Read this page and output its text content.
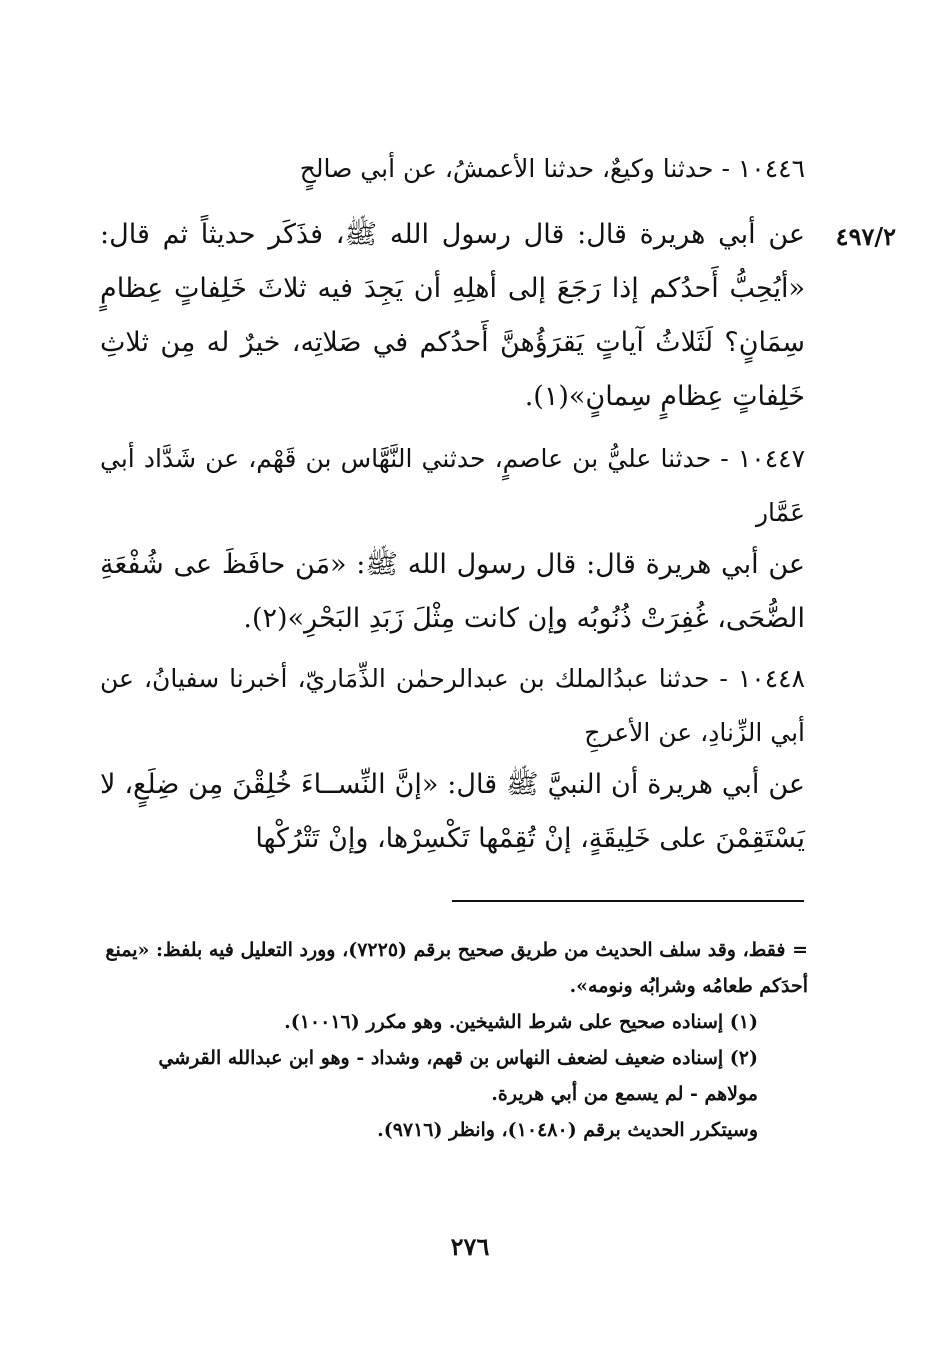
١٠٤٤٦ - حدثنا وكيعٌ، حدثنا الأعمشُ، عن أبي صالحٍ
٤٩٧/٢
عن أبي هريرة قال: قال رسول الله ﷺ، فذَكَر حديثاً ثم قال: «أيُحِبُّ أَحدُكم إذا رَجَعَ إلى أهلِهِ أن يَجِدَ فيه ثلاثَ خَلِفاتٍ عِظامٍ سِمَانٍ؟ لَثَلاثُ آياتٍ يَقرَؤُهنَّ أَحدُكم في صَلاتِه، خيرٌ له مِن ثلاثِ خَلِفاتٍ عِظامٍ سِمانٍ»(١).
١٠٤٤٧ - حدثنا عليُّ بن عاصمٍ، حدثني النَّهَّاس بن قَهْم، عن شَدَّاد أبي عَمَّار
عن أبي هريرة قال: قال رسول الله ﷺ: «مَن حافَظَ عى شُفْعَةِ الضُّحَى، غُفِرَتْ ذُنُوبُه وإن كانت مِثْلَ زَبَدِ البَحْرِ»(٢).
١٠٤٤٨ - حدثنا عبدُالملك بن عبدالرحمٰن الذِّمَاريّ، أخبرنا سفيانُ، عن أبي الزِّنادِ، عن الأعرجِ
عن أبي هريرة أن النبيَّ ﷺ قال: «إنَّ النِّســاءَ خُلِقْنَ مِن ضِلَعٍ، لا يَسْتَقِمْنَ على خَلِيقَةٍ، إنْ تُقِمْها تَكْسِرْها، وإنْ تَتْرُكْها
= فقط، وقد سلف الحديث من طريق صحيح برقم (٧٢٢٥)، وورد التعليل فيه بلفظ: «يمنع أحدَكم طعامُه وشرابُه ونومه».
(١) إسناده صحيح على شرط الشيخين. وهو مكرر (١٠٠١٦).
(٢) إسناده ضعيف لضعف النهاس بن قهم، وشداد - وهو ابن عبدالله القرشي مولاهم - لم يسمع من أبي هريرة.
وسيتكرر الحديث برقم (١٠٤٨٠)، وانظر (٩٧١٦).
٢٧٦
